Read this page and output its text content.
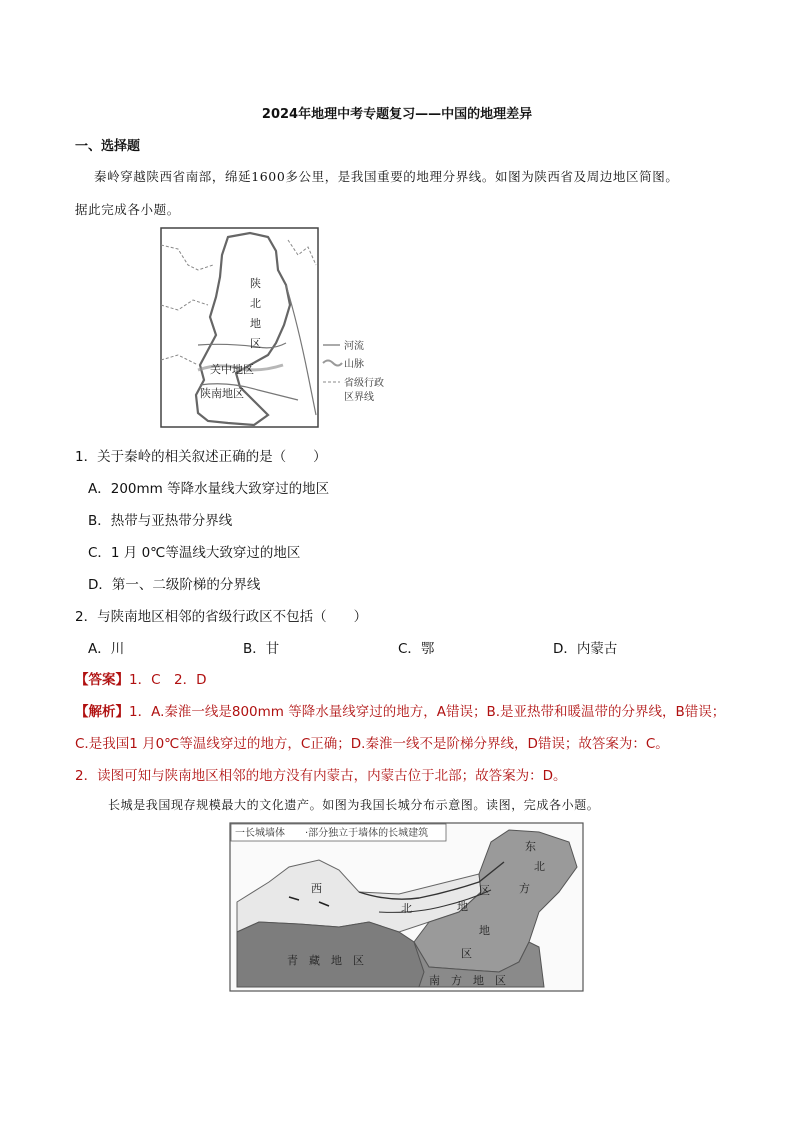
2024年地理中考专题复习——中国的地理差异
一、选择题
秦岭穿越陕西省南部，绵延1600多公里，是我国重要的地理分界线。如图为陕西省及周边地区简图。
据此完成各小题。
陕
北
地
区
关中地区
陕南地区
河流
山脉
省级行政
区界线
1．关于秦岭的相关叙述正确的是（　　）
A．200mm 等降水量线大致穿过的地区
B．热带与亚热带分界线
C．1 月 0℃等温线大致穿过的地区
D．第一、二级阶梯的分界线
2．与陕南地区相邻的省级行政区不包括（　　）
A．川	B．甘	C．鄂	D．内蒙古
【答案】1．C　2．D
【解析】1．A.秦淮一线是800mm 等降水量线穿过的地方，A错误；B.是亚热带和暖温带的分界线，B错误；
C.是我国1 月0℃等温线穿过的地方，C正确；D.秦淮一线不是阶梯分界线，D错误；故答案为：C。
2．读图可知与陕南地区相邻的地方没有内蒙古，内蒙古位于北部；故答案为：D。
长城是我国现存规模最大的文化遗产。如图为我国长城分布示意图。读图，完成各小题。
一长城墙体 ·部分独立于墙体的长城建筑
西
北	地
区
北
方
地
区
青　藏　地　区
南　方　地　区
东
